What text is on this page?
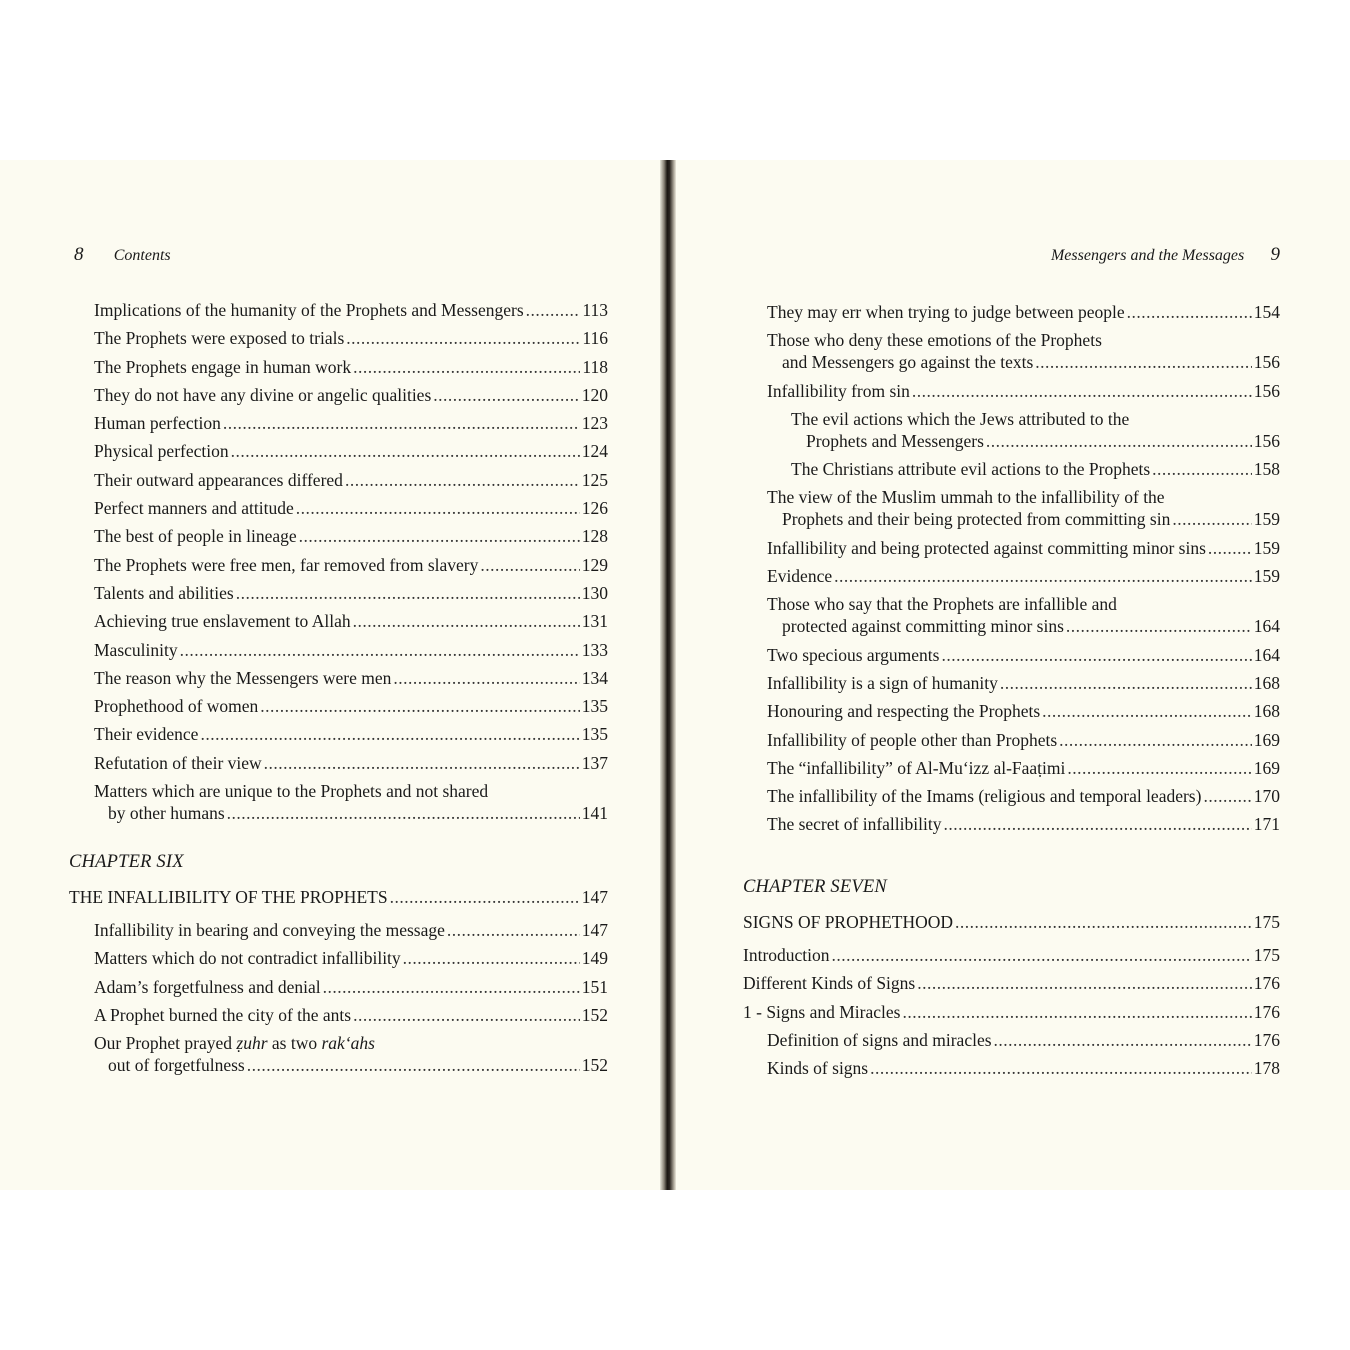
8 Contents
Implications of the humanity of the Prophets and Messengers .....	113
The Prophets were exposed to trials .....	116
The Prophets engage in human work .....	118
They do not have any divine or angelic qualities .....	120
Human perfection .....	123
Physical perfection .....	124
Their outward appearances differed .....	125
Perfect manners and attitude .....	126
The best of people in lineage .....	128
The Prophets were free men, far removed from slavery .....	129
Talents and abilities .....	130
Achieving true enslavement to Allah .....	131
Masculinity .....	133
The reason why the Messengers were men .....	134
Prophethood of women .....	135
Their evidence .....	135
Refutation of their view .....	137
Matters which are unique to the Prophets and not shared
by other humans .....	141
CHAPTER SIX
THE INFALLIBILITY OF THE PROPHETS .....	147
Infallibility in bearing and conveying the message .....	147
Matters which do not contradict infallibility .....	149
Adam’s forgetfulness and denial .....	151
A Prophet burned the city of the ants .....	152
Our Prophet prayed ẓuhr as two rak‘ahs
out of forgetfulness .....	152
Messengers and the Messages 9
They may err when trying to judge between people .....	154
Those who deny these emotions of the Prophets
and Messengers go against the texts .....	156
Infallibility from sin .....	156
The evil actions which the Jews attributed to the
Prophets and Messengers .....	156
The Christians attribute evil actions to the Prophets .....	158
The view of the Muslim ummah to the infallibility of the
Prophets and their being protected from committing sin .....	159
Infallibility and being protected against committing minor sins .....	159
Evidence .....	159
Those who say that the Prophets are infallible and
protected against committing minor sins .....	164
Two specious arguments .....	164
Infallibility is a sign of humanity .....	168
Honouring and respecting the Prophets .....	168
Infallibility of people other than Prophets .....	169
The “infallibility” of Al-Mu‘izz al-Faaṭimi .....	169
The infallibility of the Imams (religious and temporal leaders) .....	170
The secret of infallibility .....	171
CHAPTER SEVEN
SIGNS OF PROPHETHOOD .....	175
Introduction .....	175
Different Kinds of Signs .....	176
1 - Signs and Miracles .....	176
Definition of signs and miracles .....	176
Kinds of signs .....	178
